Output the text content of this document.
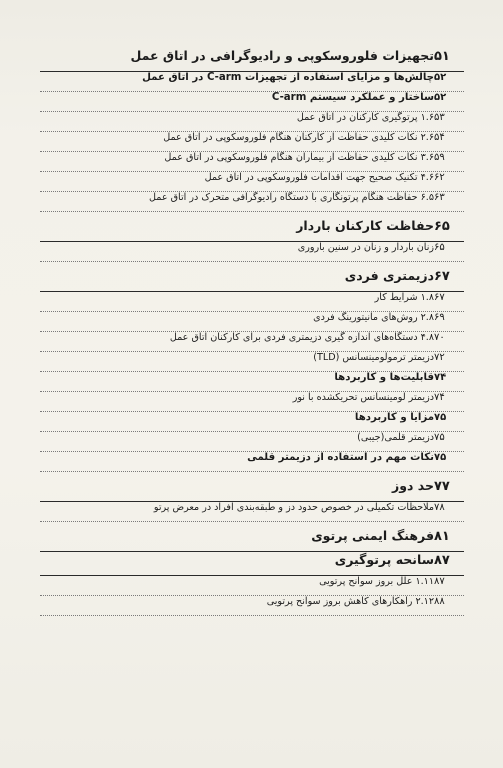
تجهیزات فلوروسکوپی و رادیوگرافی در اتاق عمل ۵۱
چالش‌ها و مزایای استفاده از تجهیزات C-arm در اتاق عمل ۵۲
ساختار و عملکرد سیستم C-arm ۵۲
۱.۶ پرتوگیری کارکنان در اتاق عمل ۵۳
۲.۶ نکات کلیدی حفاظت از کارکنان هنگام فلوروسکوپی در اتاق عمل ۵۴
۳.۶ نکات کلیدی حفاظت از بیماران هنگام فلوروسکوپی در اتاق عمل ۵۹
۴.۶ تکنیک صحیح جهت اقدامات فلوروسکوپی در اتاق عمل ۶۲
۶.۵ حفاظت هنگام پرتونگاری با دستگاه رادیوگرافی متحرک در اتاق عمل ۶۳
حفاظت کارکنان باردار ۶۵
زنان باردار و زنان در سنین باروری ۶۵
دزیمتری فردی ۶۷
۱.۸ شرایط کار ۶۷
۲.۸ روش‌های مانیتورینگ فردی ۶۹
۴.۸ دستگاه‌های اندازه گیری دزیمتری فردی برای کارکنان اتاق عمل ۷۰
دزیمتر ترمولومینسانس (TLD) ۷۲
قابلیت‌ها و کاربردها ۷۴
دزیمتر لومینسانس تحریکشده با نور ۷۴
مزایا و کاربردها ۷۵
دزیمتر قلمی(جیبی) ۷۵
نکات مهم در استفاده از دزیمتر قلمی ۷۵
حد دوز ۷۷
ملاحظات تکمیلی در خصوص حدود دز و طبقه‌بندی افراد در معرض پرتو ۷۸
فرهنگ ایمنی پرتوی ۸۱
سانحه پرتوگیری ۸۷
۱.۱۱ علل بروز سوانح پرتویی ۸۷
۲.۱۲ راهکارهای کاهش بروز سوانح پرتویی ۸۸
